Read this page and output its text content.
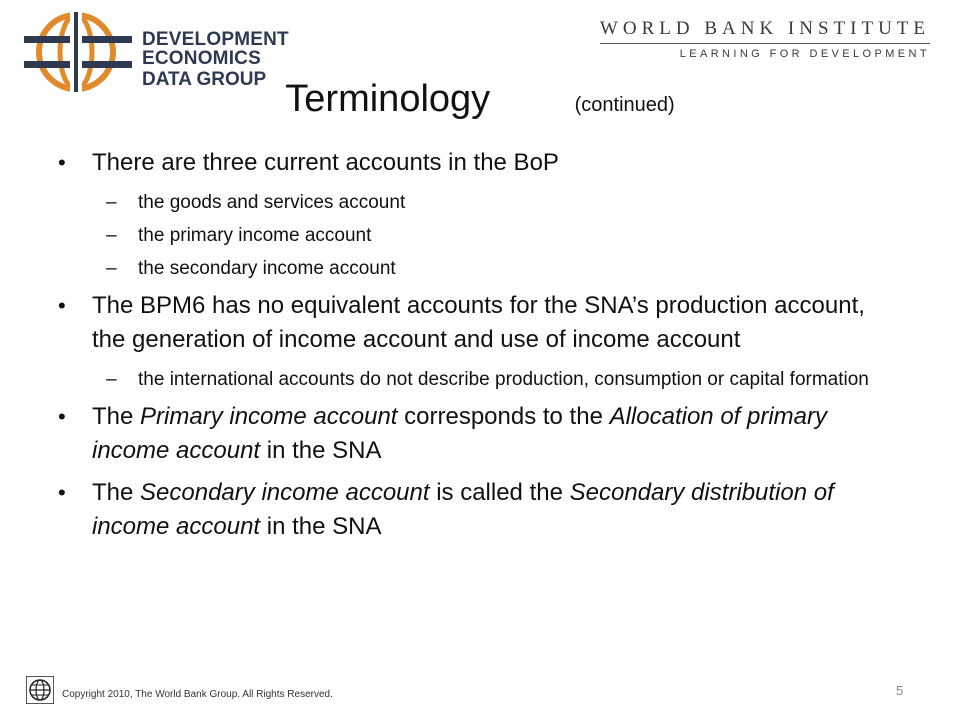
DEVELOPMENT ECONOMICS
DATA GROUP
WORLD BANK INSTITUTE
LEARNING FOR DEVELOPMENT
Terminology	(continued)
• There are three current accounts in the BoP
– the goods and services account
– the primary income account
– the secondary income account
• The BPM6 has no equivalent accounts for the SNA’s production account, the generation of income account and use of income account
– the international accounts do not describe production, consumption or capital formation
• The Primary income account corresponds to the Allocation of primary income account in the SNA
• The Secondary income account is called the Secondary distribution of income account in the SNA
Copyright 2010, The World Bank Group. All Rights Reserved.	5
